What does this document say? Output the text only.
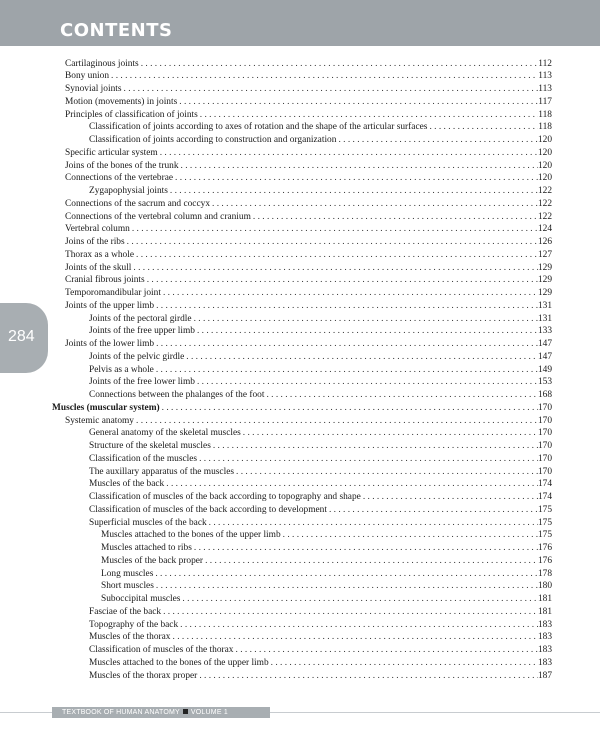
CONTENTS
284
Cartilaginous joints . . .	112
Bony union . . .	113
Synovial joints . . .	113
Motion (movements) in joints . . .	117
Principles of classification of joints . . .	118
Classification of joints according to axes of rotation and the shape of the articular surfaces . . .	118
Classification of joints according to construction and organization . . .	120
Specific articular system . . .	120
Joins of the bones of the trunk . . .	120
Connections of the vertebrae . . .	120
Zygapophysial joints . . .	122
Connections of the sacrum and coccyx . . .	122
Connections of the vertebral column and cranium . . .	122
Vertebral column . . .	124
Joins of the ribs . . .	126
Thorax as a whole . . .	127
Joints of the skull . . .	129
Cranial fibrous joints . . .	129
Temporomandibular joint . . .	129
Joints of the upper limb . . .	131
Joints of the pectoral girdle . . .	131
Joints of the free upper limb . . .	133
Joints of the lower limb . . .	147
Joints of the pelvic girdle . . .	147
Pelvis as a whole . . .	149
Joints of the free lower limb . . .	153
Connections between the phalanges of the foot . . .	168
Muscles (muscular system) . . .	170
Systemic anatomy . . .	170
General anatomy of the skeletal muscles . . .	170
Structure of the skeletal muscles . . .	170
Classification of the muscles . . .	170
The auxillary apparatus of the muscles . . .	170
Muscles of the back . . .	174
Classification of muscles of the back according to topography and shape . . .	174
Classification of muscles of the back according to development . . .	175
Superficial muscles of the back . . .	175
Muscles attached to the bones of the upper limb . . .	175
Muscles attached to ribs . . .	176
Muscles of the back proper . . .	176
Long muscles . . .	178
Short muscles . . .	180
Suboccipital muscles . . .	181
Fasciae of the back . . .	181
Topography of the back . . .	183
Muscles of the thorax . . .	183
Classification of muscles of the thorax . . .	183
Muscles attached to the bones of the upper limb . . .	183
Muscles of the thorax proper . . .	187
TEXTBOOK OF HUMAN ANATOMY VOLUME 1
